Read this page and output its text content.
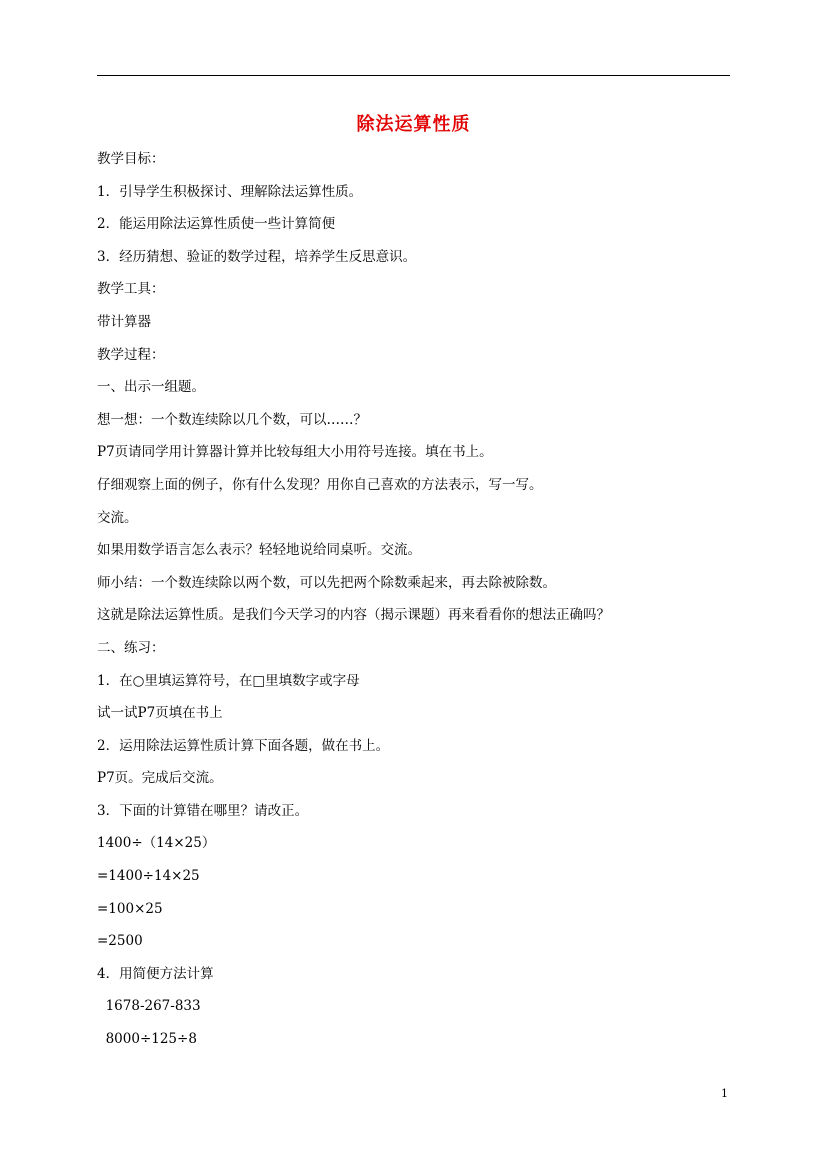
除法运算性质
教学目标：
1．引导学生积极探讨、理解除法运算性质。
2．能运用除法运算性质使一些计算简便
3．经历猜想、验证的数学过程，培养学生反思意识。
教学工具：
带计算器
教学过程：
一、出示一组题。
想一想：一个数连续除以几个数，可以……？
P7页请同学用计算器计算并比较每组大小用符号连接。填在书上。
仔细观察上面的例子，你有什么发现？用你自己喜欢的方法表示，写一写。
交流。
如果用数学语言怎么表示？轻轻地说给同桌听。交流。
师小结：一个数连续除以两个数，可以先把两个除数乘起来，再去除被除数。
这就是除法运算性质。是我们今天学习的内容（揭示课题）再来看看你的想法正确吗？
二、练习：
1．在○里填运算符号，在□里填数字或字母
试一试P7页填在书上
2．运用除法运算性质计算下面各题，做在书上。
P7页。完成后交流。
3．下面的计算错在哪里？请改正。
1400÷（14×25）
=1400÷14×25
=100×25
=2500
4．用简便方法计算
1678-267-833
8000÷125÷8
1
